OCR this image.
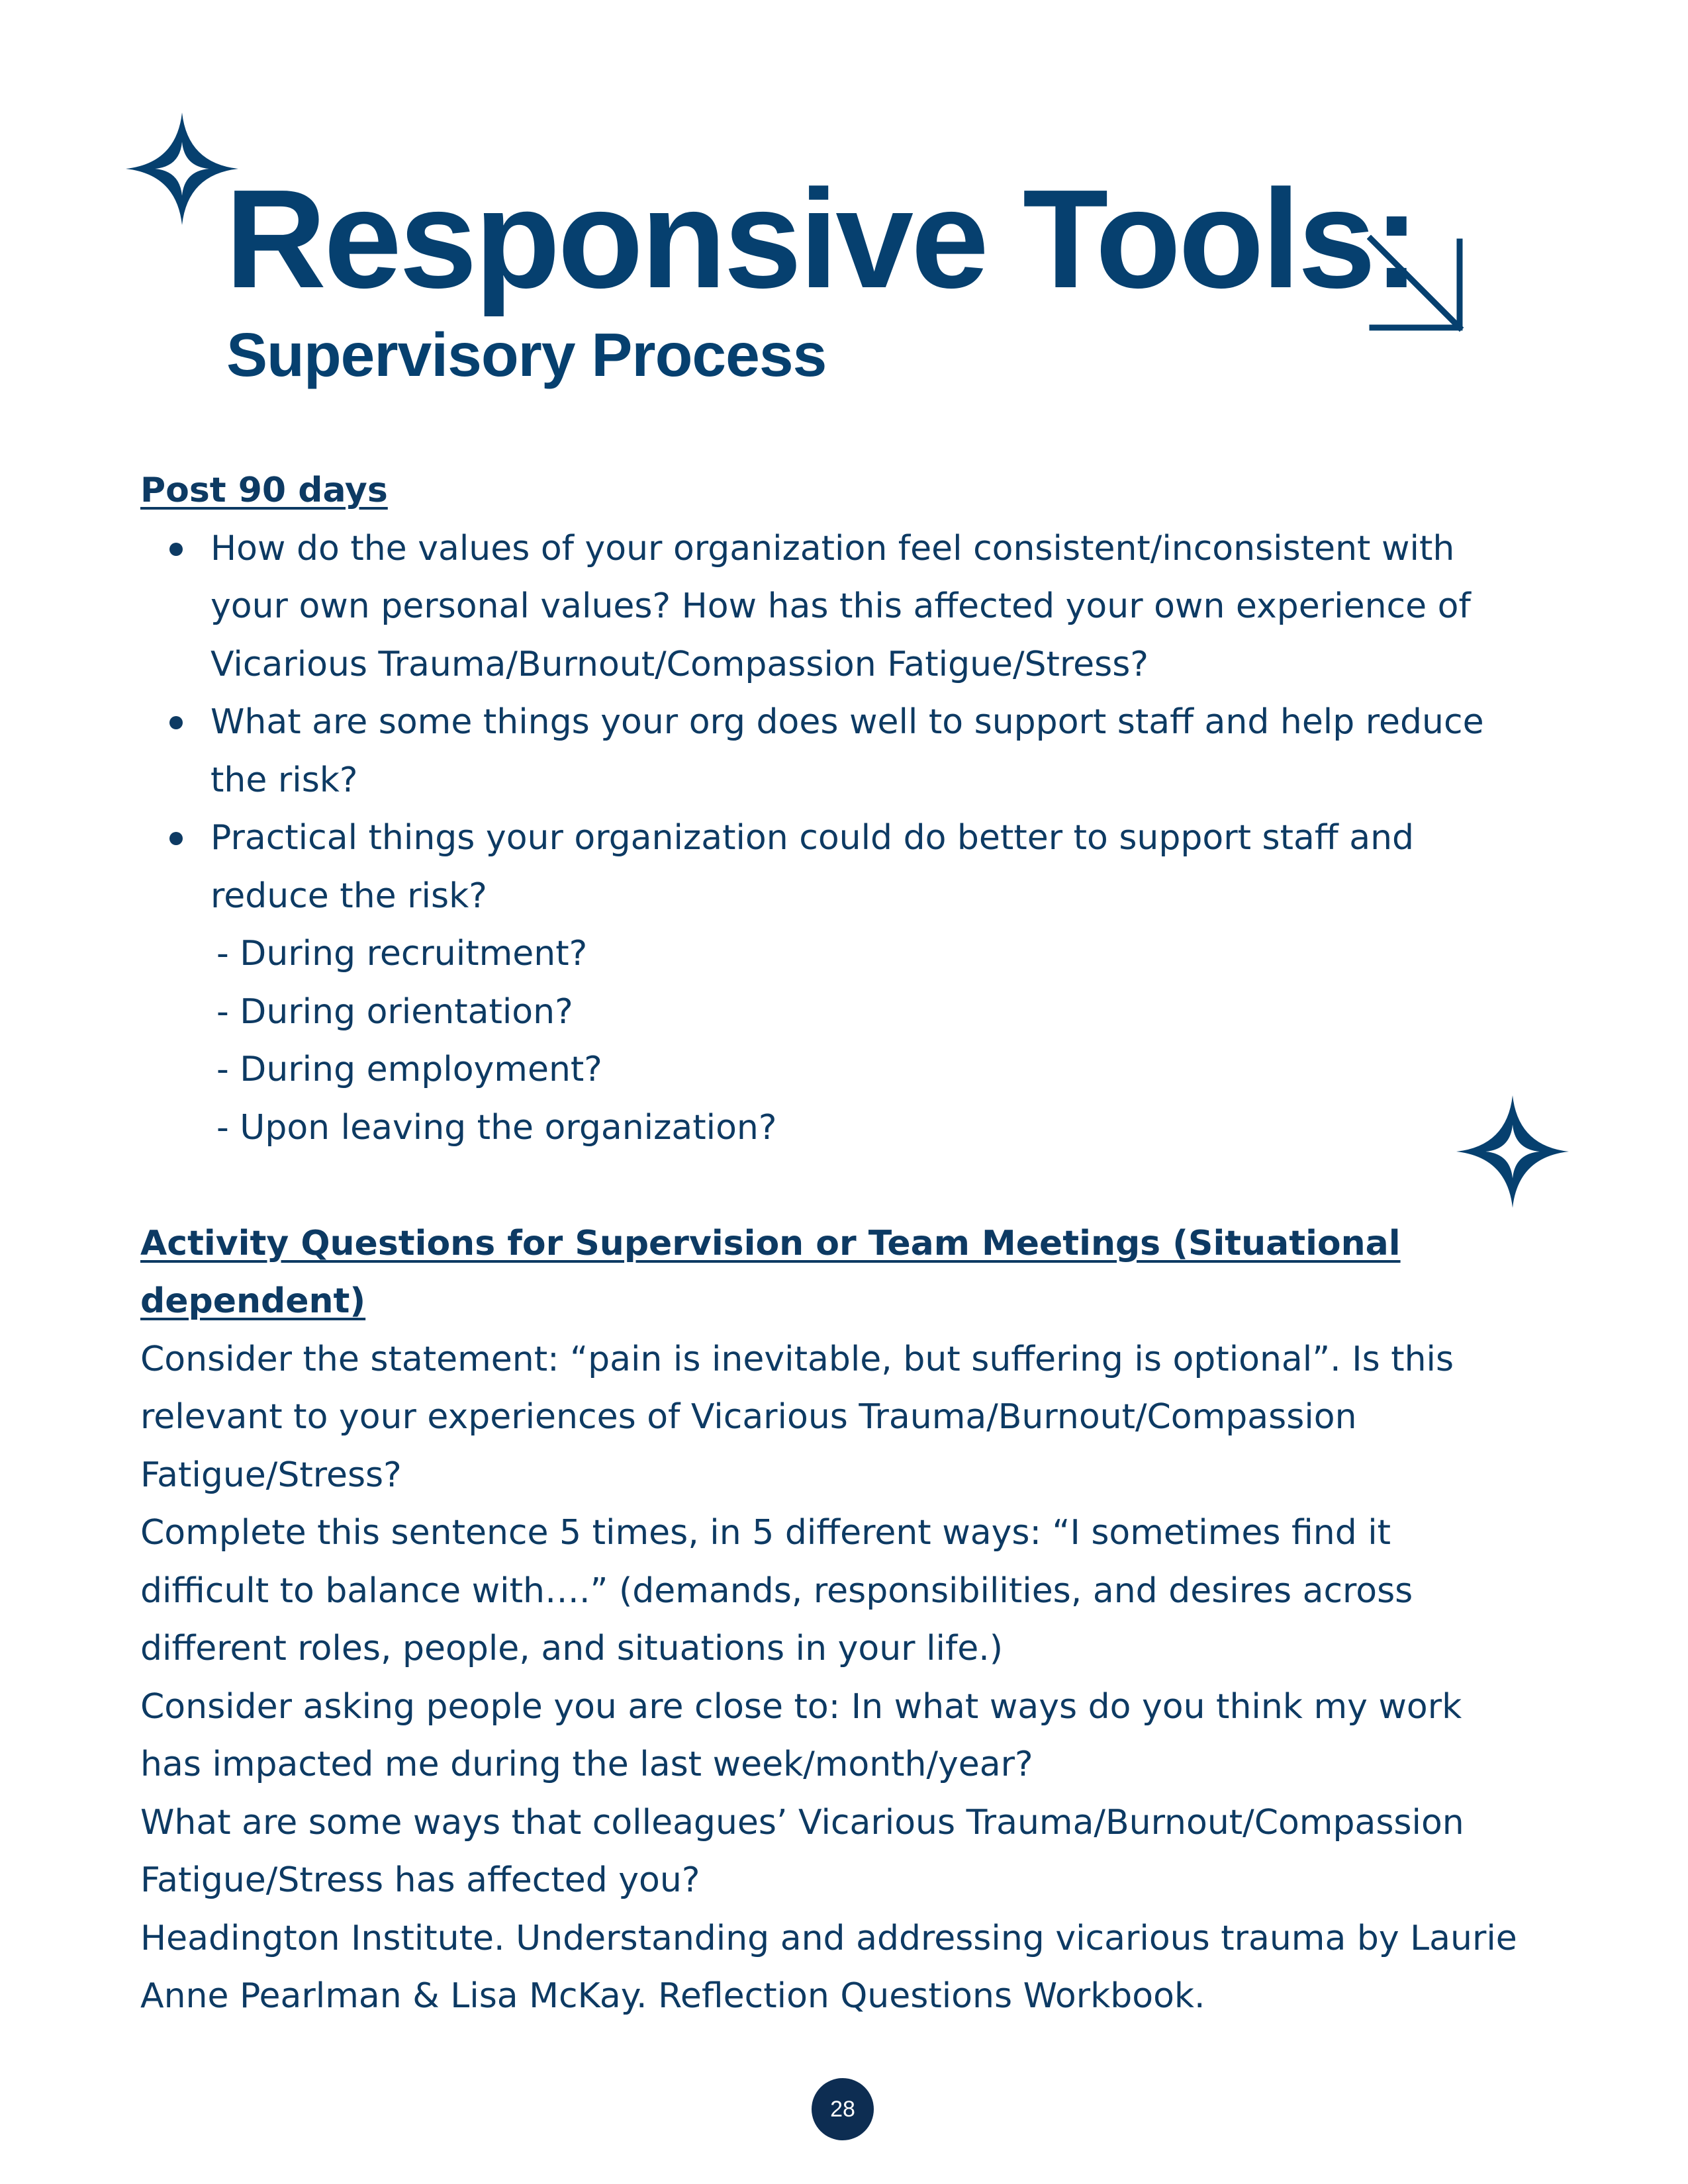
Responsive Tools:
Supervisory Process

Post 90 days

How do the values of your organization feel consistent/inconsistent with
your own personal values? How has this affected your own experience of
Vicarious Trauma/Burnout/Compassion Fatigue/Stress?
What are some things your org does well to support staff and help reduce
the risk?
Practical things your organization could do better to support staff and
reduce the risk?
- During recruitment?
- During orientation?
- During employment?
- Upon leaving the organization?

Activity Questions for Supervision or Team Meetings (Situational
dependent)

Consider the statement: “pain is inevitable, but suffering is optional”. Is this
relevant to your experiences of Vicarious Trauma/Burnout/Compassion
Fatigue/Stress?
Complete this sentence 5 times, in 5 different ways: “I sometimes find it
difficult to balance with….” (demands, responsibilities, and desires across
different roles, people, and situations in your life.)
Consider asking people you are close to: In what ways do you think my work
has impacted me during the last week/month/year?
What are some ways that colleagues’ Vicarious Trauma/Burnout/Compassion
Fatigue/Stress has affected you?
Headington Institute. Understanding and addressing vicarious trauma by Laurie
Anne Pearlman & Lisa McKay. Reflection Questions Workbook.

28
